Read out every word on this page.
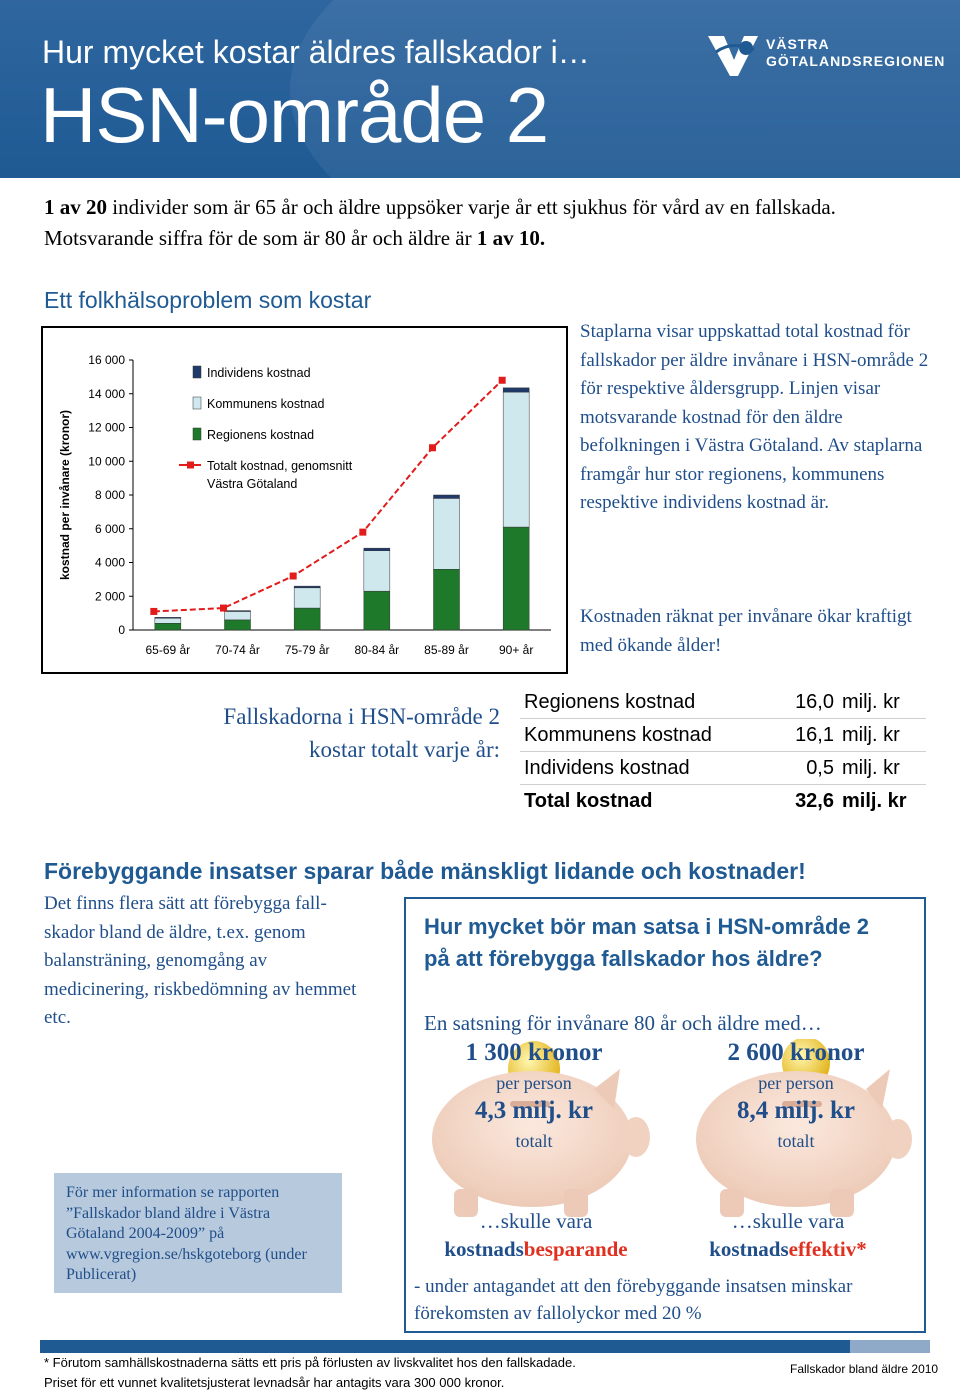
Hur mycket kostar äldres fallskador i…
HSN-område 2
VÄSTRA
GÖTALANDSREGIONEN
1 av 20 individer som är 65 år och äldre uppsöker varje år ett sjukhus för vård av en fallskada. Motsvarande siffra för de som är 80 år och äldre är 1 av 10.
Ett folkhälsoproblem som kostar
16 000
14 000
12 000
10 000
8 000
6 000
4 000
2 000
0
kostnad per invånare (kronor)
65-69 år 70-74 år 75-79 år 80-84 år 85-89 år	90+ år
Individens kostnad
Kommunens kostnad
Regionens kostnad
Totalt kostnad, genomsnitt
Västra Götaland
Staplarna visar uppskattad total kostnad för fallskador per äldre invånare i HSN-område 2 för respektive åldersgrupp. Linjen visar motsvarande kostnad för den äldre befolkningen i Västra Götaland. Av staplarna framgår hur stor regionens, kommunens respektive individens kostnad är.
Kostnaden räknat per invånare ökar kraftigt med ökande ålder!
Fallskadorna i HSN-område 2
kostar totalt varje år:
Regionens kostnad	16,0	milj. kr
Kommunens kostnad	16,1	milj. kr
Individens kostnad	0,5	milj. kr
Total kostnad	32,6	milj. kr
Förebyggande insatser sparar både mänskligt lidande och kostnader!
Det finns flera sätt att förebygga fall-skador bland de äldre, t.ex. genom balansträning, genomgång av medicinering, riskbedömning av hemmet etc.
Hur mycket bör man satsa i HSN-område 2 på att förebygga fallskador hos äldre?
En satsning för invånare 80 år och äldre med…
1 300 kronor
per person
4,3 milj. kr
totalt
…skulle vara
kostnadsbesparande
2 600 kronor
per person
8,4 milj. kr
totalt
…skulle vara
kostnadseffektiv*
- under antagandet att den förebyggande insatsen minskar förekomsten av fallolyckor med 20 %
För mer information se rapporten ”Fallskador bland äldre i Västra Götaland 2004-2009” på www.vgregion.se/hskgoteborg (under Publicerat)
* Förutom samhällskostnaderna sätts ett pris på förlusten av livskvalitet hos den fallskadade.
Priset för ett vunnet kvalitetsjusterat levnadsår har antagits vara 300 000 kronor.
Fallskador bland äldre 2010
